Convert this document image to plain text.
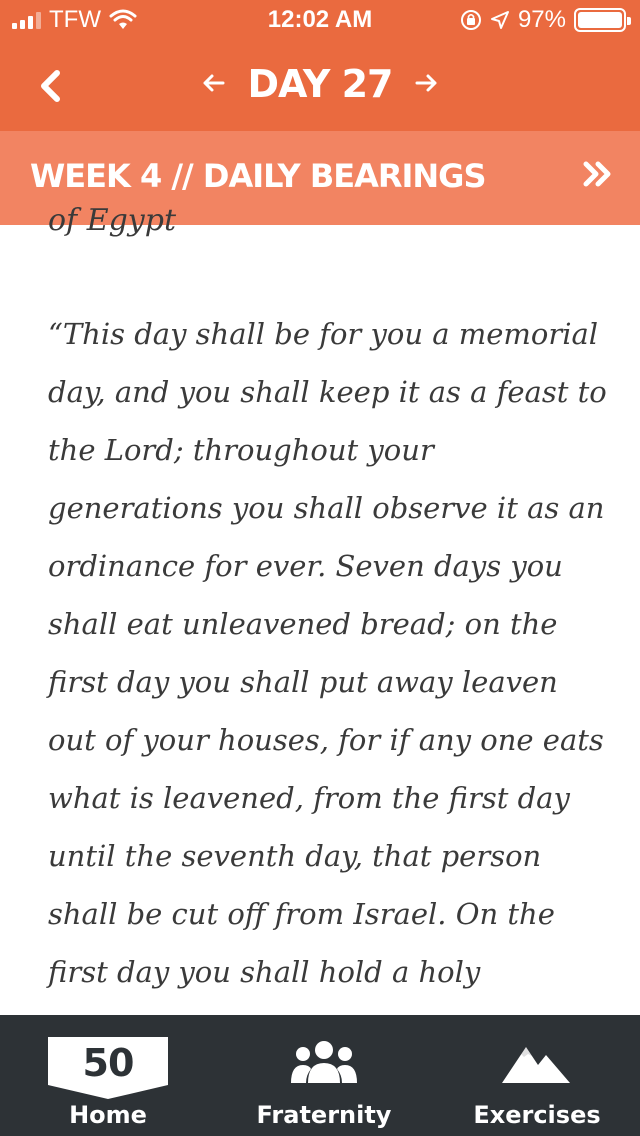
TFW	12:02 AM	97%
DAY 27
WEEK 4 // DAILY BEARINGS
of Egypt
“This day shall be for you a memorial
day, and you shall keep it as a feast to
the Lord; throughout your
generations you shall observe it as an
ordinance for ever. Seven days you
shall eat unleavened bread; on the
first day you shall put away leaven
out of your houses, for if any one eats
what is leavened, from the first day
until the seventh day, that person
shall be cut off from Israel. On the
first day you shall hold a holy
50
Home	Fraternity	Exercises
